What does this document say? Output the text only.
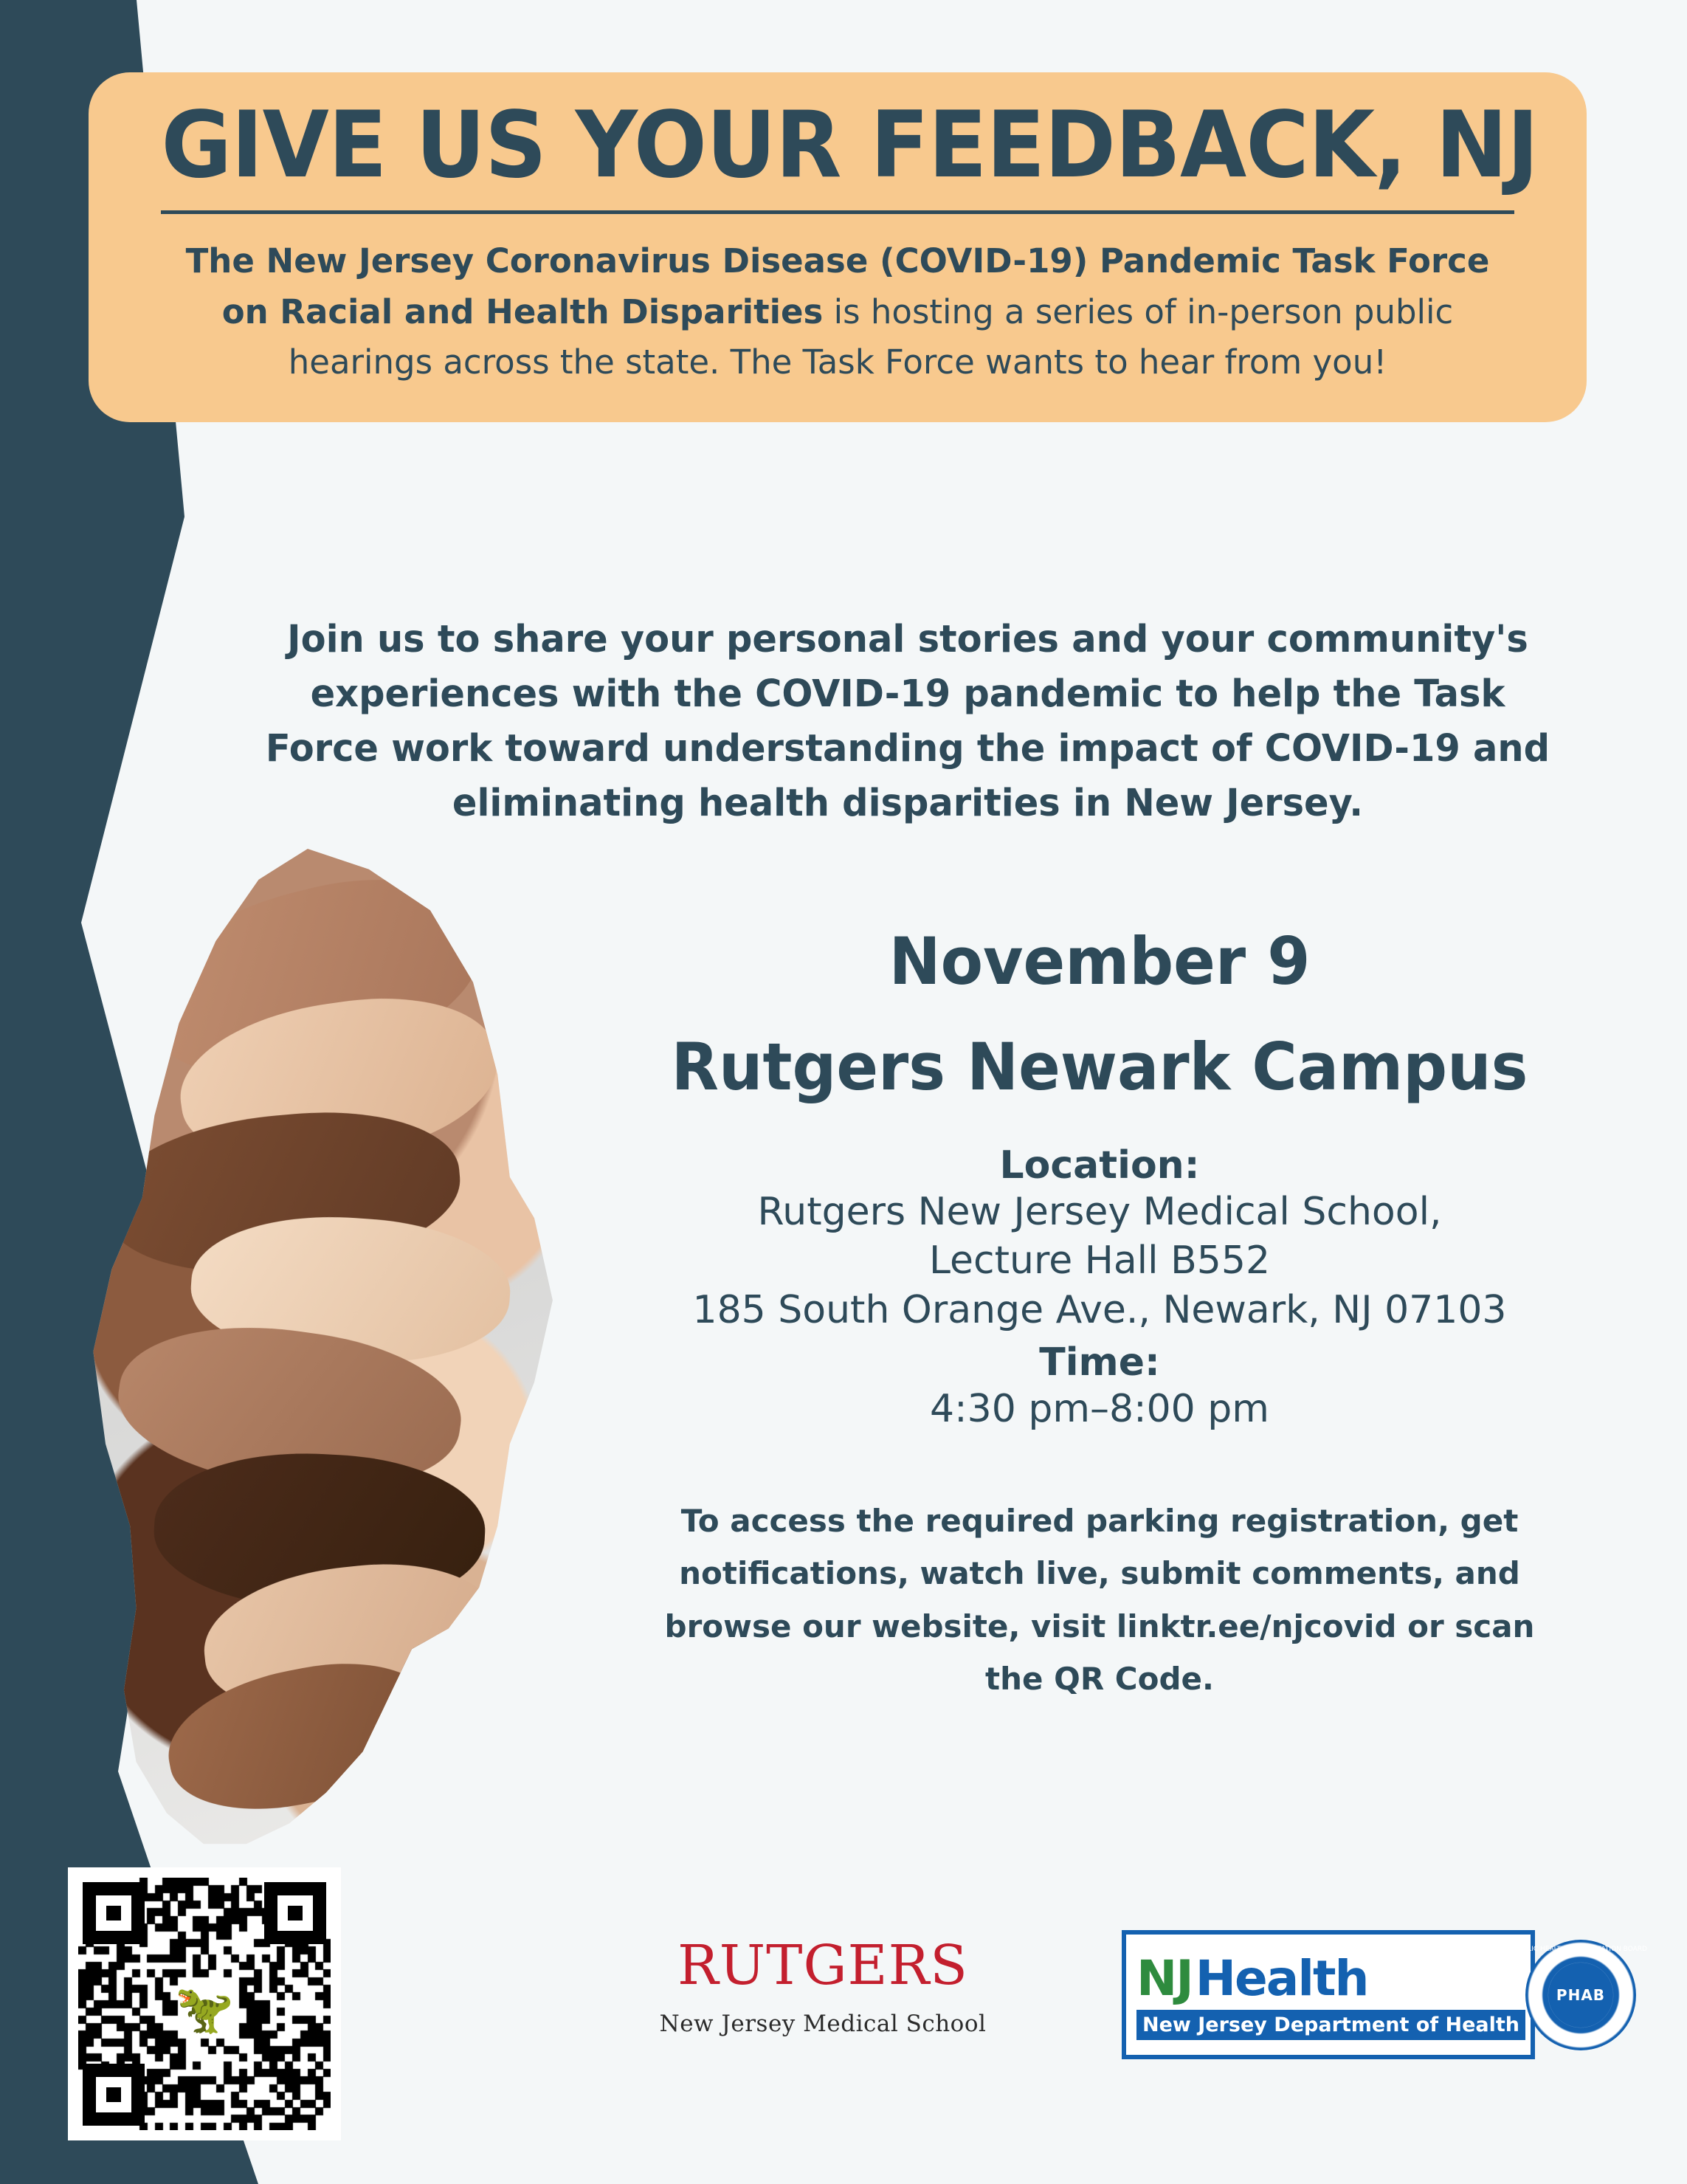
GIVE US YOUR FEEDBACK, NJ
The New Jersey Coronavirus Disease (COVID-19) Pandemic Task Force on Racial and Health Disparities is hosting a series of in-person public hearings across the state. The Task Force wants to hear from you!
Join us to share your personal stories and your community's experiences with the COVID-19 pandemic to help the Task Force work toward understanding the impact of COVID-19 and eliminating health disparities in New Jersey.
November 9
Rutgers Newark Campus
Location:
Rutgers New Jersey Medical School,
Lecture Hall B552
185 South Orange Ave., Newark, NJ 07103
Time:
4:30 pm–8:00 pm
To access the required parking registration, get notifications, watch live, submit comments, and browse our website, visit linktr.ee/njcovid or scan the QR Code.
RUTGERS
New Jersey Medical School
NJ Health
New Jersey Department of Health
PUBLIC HEALTH ACCREDITATION BOARD
PHAB
